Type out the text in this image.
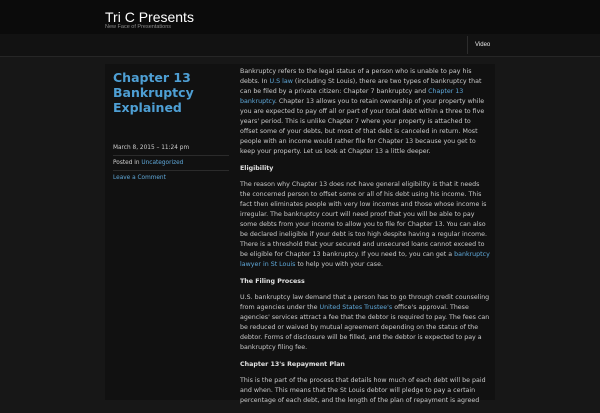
Tri C Presents
New Face of Presentations
Video
Chapter 13 Bankruptcy Explained
March 8, 2015 – 11:24 pm
Posted in Uncategorized
Leave a Comment

Bankruptcy refers to the legal status of a person who is unable to pay his debts. In U.S law (including St Louis), there are two types of bankruptcy that can be filed by a private citizen: Chapter 7 bankruptcy and Chapter 13 bankruptcy. Chapter 13 allows you to retain ownership of your property while you are expected to pay off all or part of your total debt within a three to five years' period. This is unlike Chapter 7 where your property is attached to offset some of your debts, but most of that debt is canceled in return. Most people with an income would rather file for Chapter 13 because you get to keep your property. Let us look at Chapter 13 a little deeper.

Eligibility

The reason why Chapter 13 does not have general eligibility is that it needs the concerned person to offset some or all of his debt using his income. This fact then eliminates people with very low incomes and those whose income is irregular. The bankruptcy court will need proof that you will be able to pay some debts from your income to allow you to file for Chapter 13. You can also be declared ineligible if your debt is too high despite having a regular income. There is a threshold that your secured and unsecured loans cannot exceed to be eligible for Chapter 13 bankruptcy. If you need to, you can get a bankruptcy lawyer in St Louis to help you with your case.

The Filing Process

U.S. bankruptcy law demand that a person has to go through credit counseling from agencies under the United States Trustee's office's approval. These agencies' services attract a fee that the debtor is required to pay. The fees can be reduced or waived by mutual agreement depending on the status of the debtor. Forms of disclosure will be filled, and the debtor is expected to pay a bankruptcy filing fee.

Chapter 13's Repayment Plan

This is the part of the process that details how much of each debt will be paid and when. This means that the St Louis debtor will pledge to pay a certain percentage of each debt, and the length of the plan of repayment is agreed
